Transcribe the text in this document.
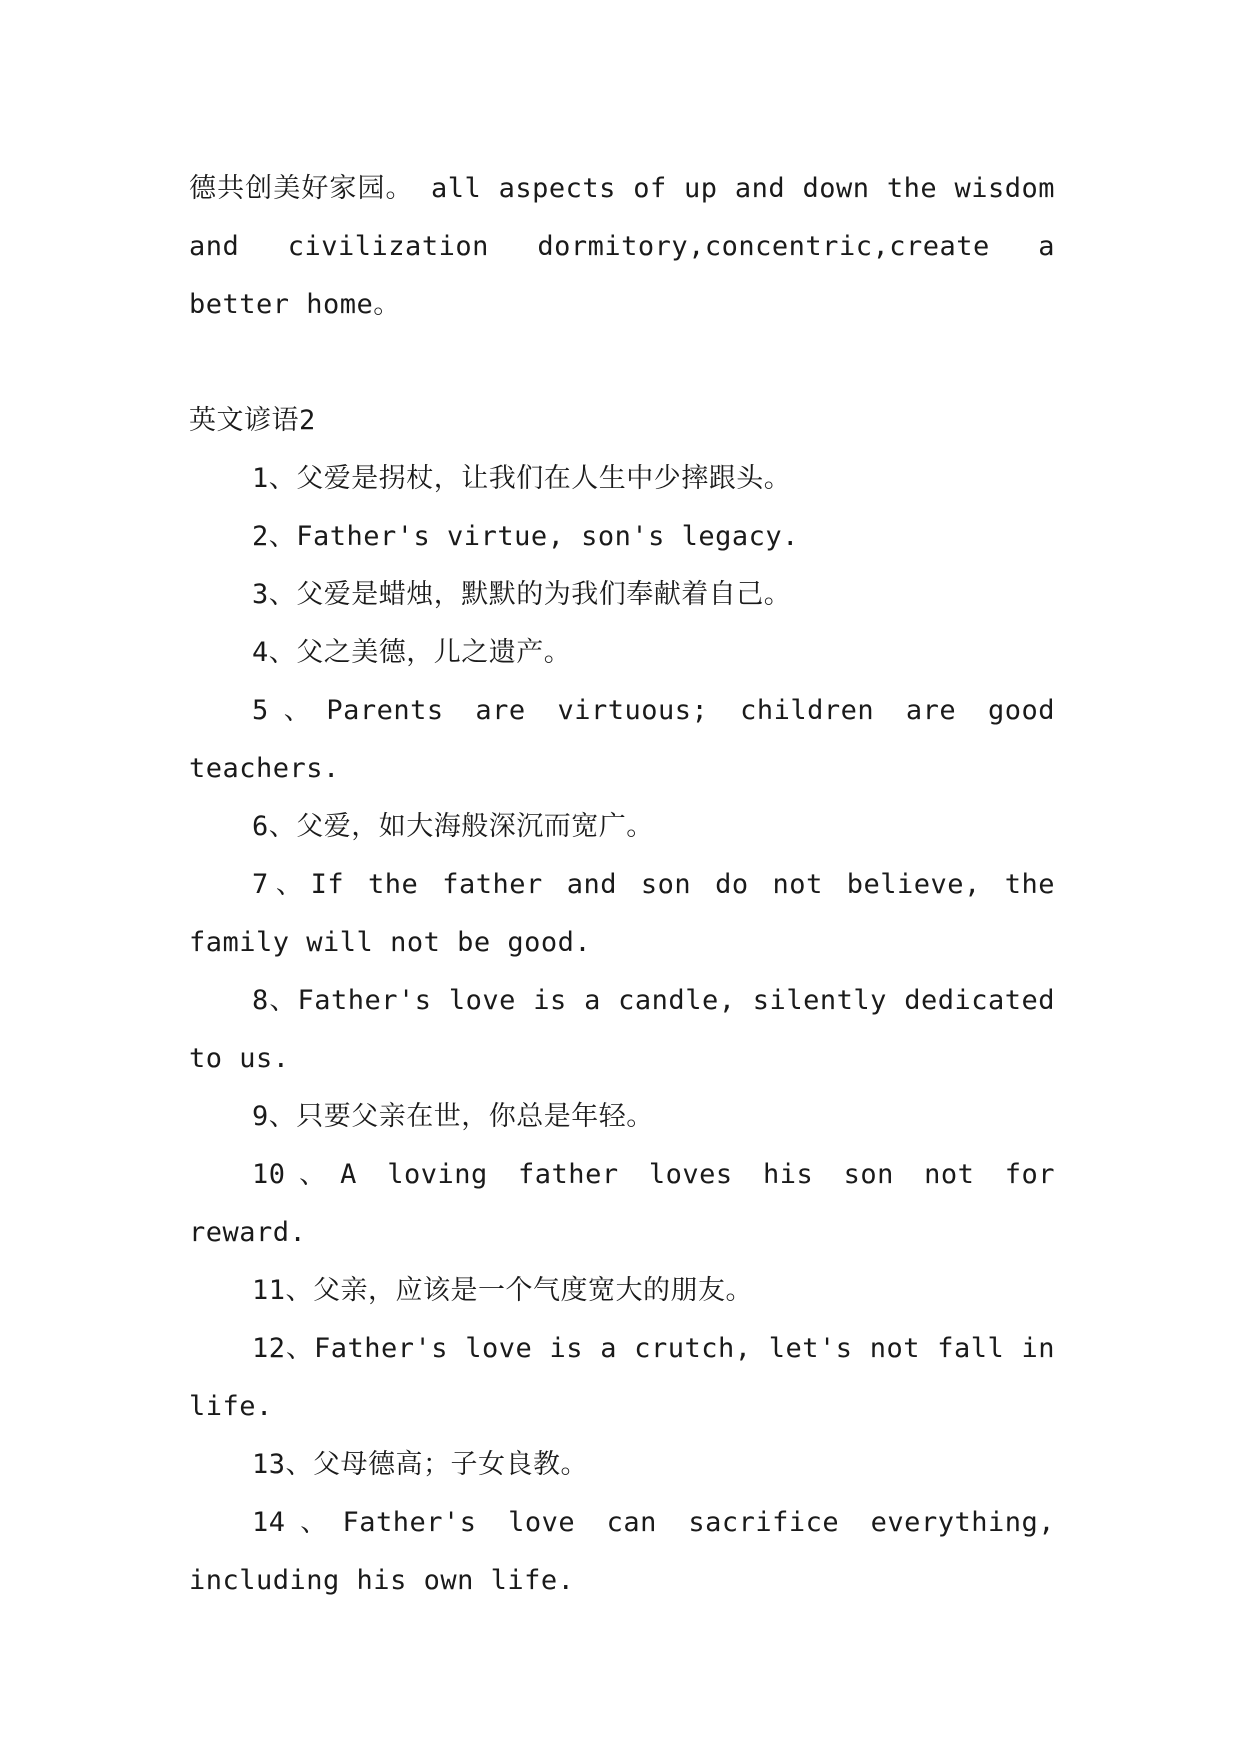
德共创美好家园。 all aspects of up and down the wisdom and civilization dormitory,concentric,create a better home。

英文谚语2

1、父爱是拐杖，让我们在人生中少摔跟头。

2、Father's virtue, son's legacy.

3、父爱是蜡烛，默默的为我们奉献着自己。

4、父之美德，儿之遗产。

5、Parents are virtuous; children are good teachers.

6、父爱，如大海般深沉而宽广。

7、If the father and son do not believe, the family will not be good.

8、Father's love is a candle, silently dedicated to us.

9、只要父亲在世，你总是年轻。

10、A loving father loves his son not for reward.

11、父亲，应该是一个气度宽大的朋友。

12、Father's love is a crutch, let's not fall in life.

13、父母德高；子女良教。

14、Father's love can sacrifice everything, including his own life.
